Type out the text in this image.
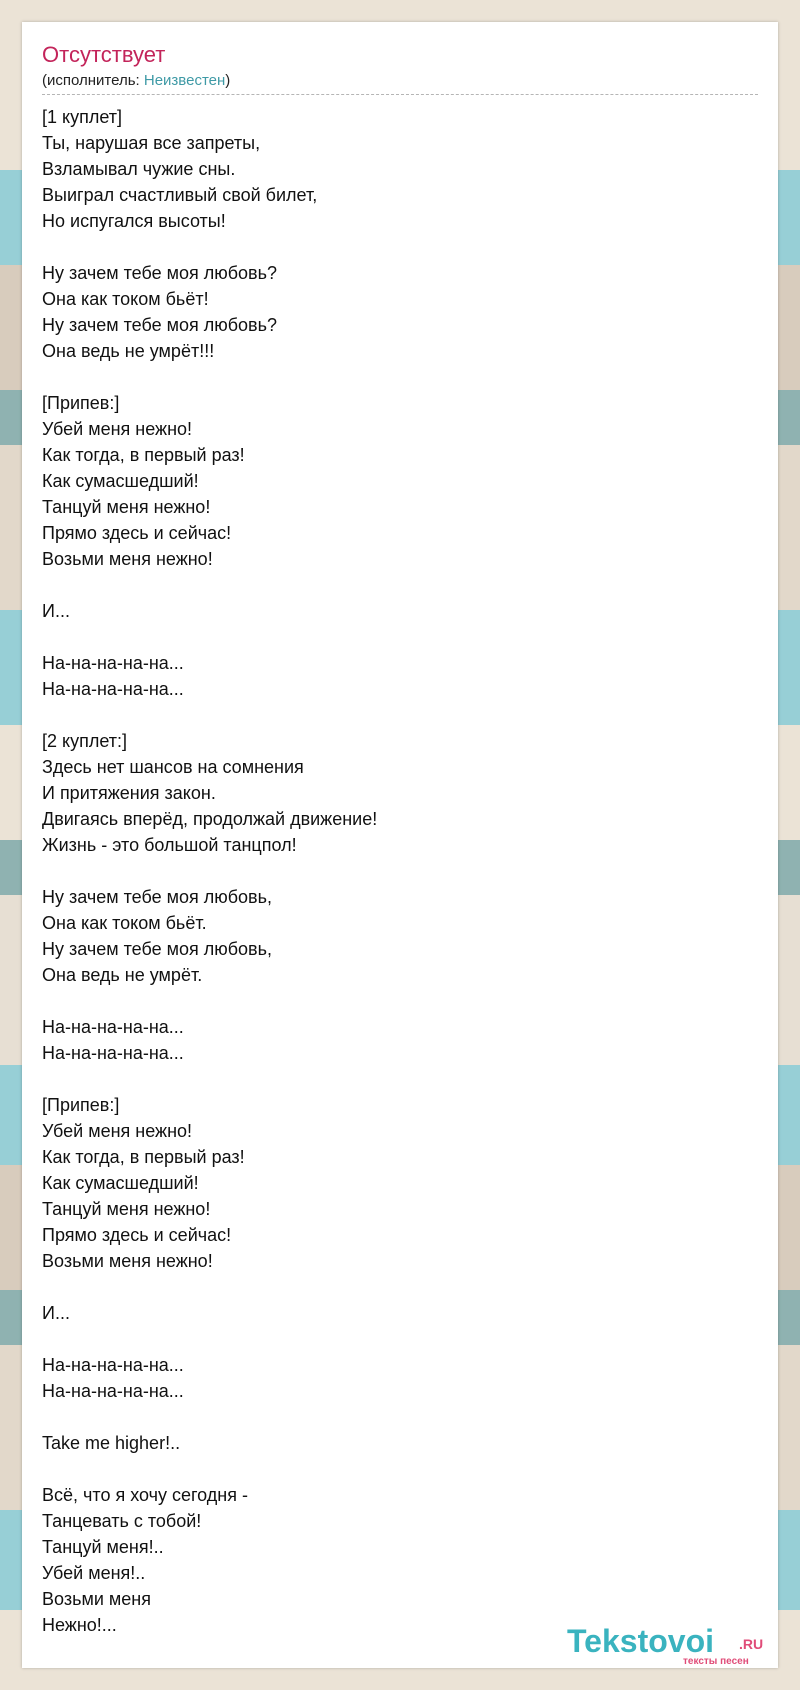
Отсутствует
(исполнитель: Неизвестен)
[1 куплет]
Ты, нарушая все запреты,
Взламывал чужие сны.
Выиграл счастливый свой билет,
Но испугался высоты!
Ну зачем тебе моя любовь?
Она как током бьёт!
Ну зачем тебе моя любовь?
Она ведь не умрёт!!!
[Припев:]
Убей меня нежно!
Как тогда, в первый раз!
Как сумасшедший!
Танцуй меня нежно!
Прямо здесь и сейчас!
Возьми меня нежно!
И...
На-на-на-на-на...
На-на-на-на-на...
[2 куплет:]
Здесь нет шансов на сомнения
И притяжения закон.
Двигаясь вперёд, продолжай движение!
Жизнь - это большой танцпол!
Ну зачем тебе моя любовь,
Она как током бьёт.
Ну зачем тебе моя любовь,
Она ведь не умрёт.
На-на-на-на-на...
На-на-на-на-на...
[Припев:]
Убей меня нежно!
Как тогда, в первый раз!
Как сумасшедший!
Танцуй меня нежно!
Прямо здесь и сейчас!
Возьми меня нежно!
И...
На-на-на-на-на...
На-на-на-на-на...
Take me higher!..
Всё, что я хочу сегодня -
Танцевать с тобой!
Танцуй меня!..
Убей меня!..
Возьми меня
Нежно!...	Tekstovoi .RU
тексты песен
